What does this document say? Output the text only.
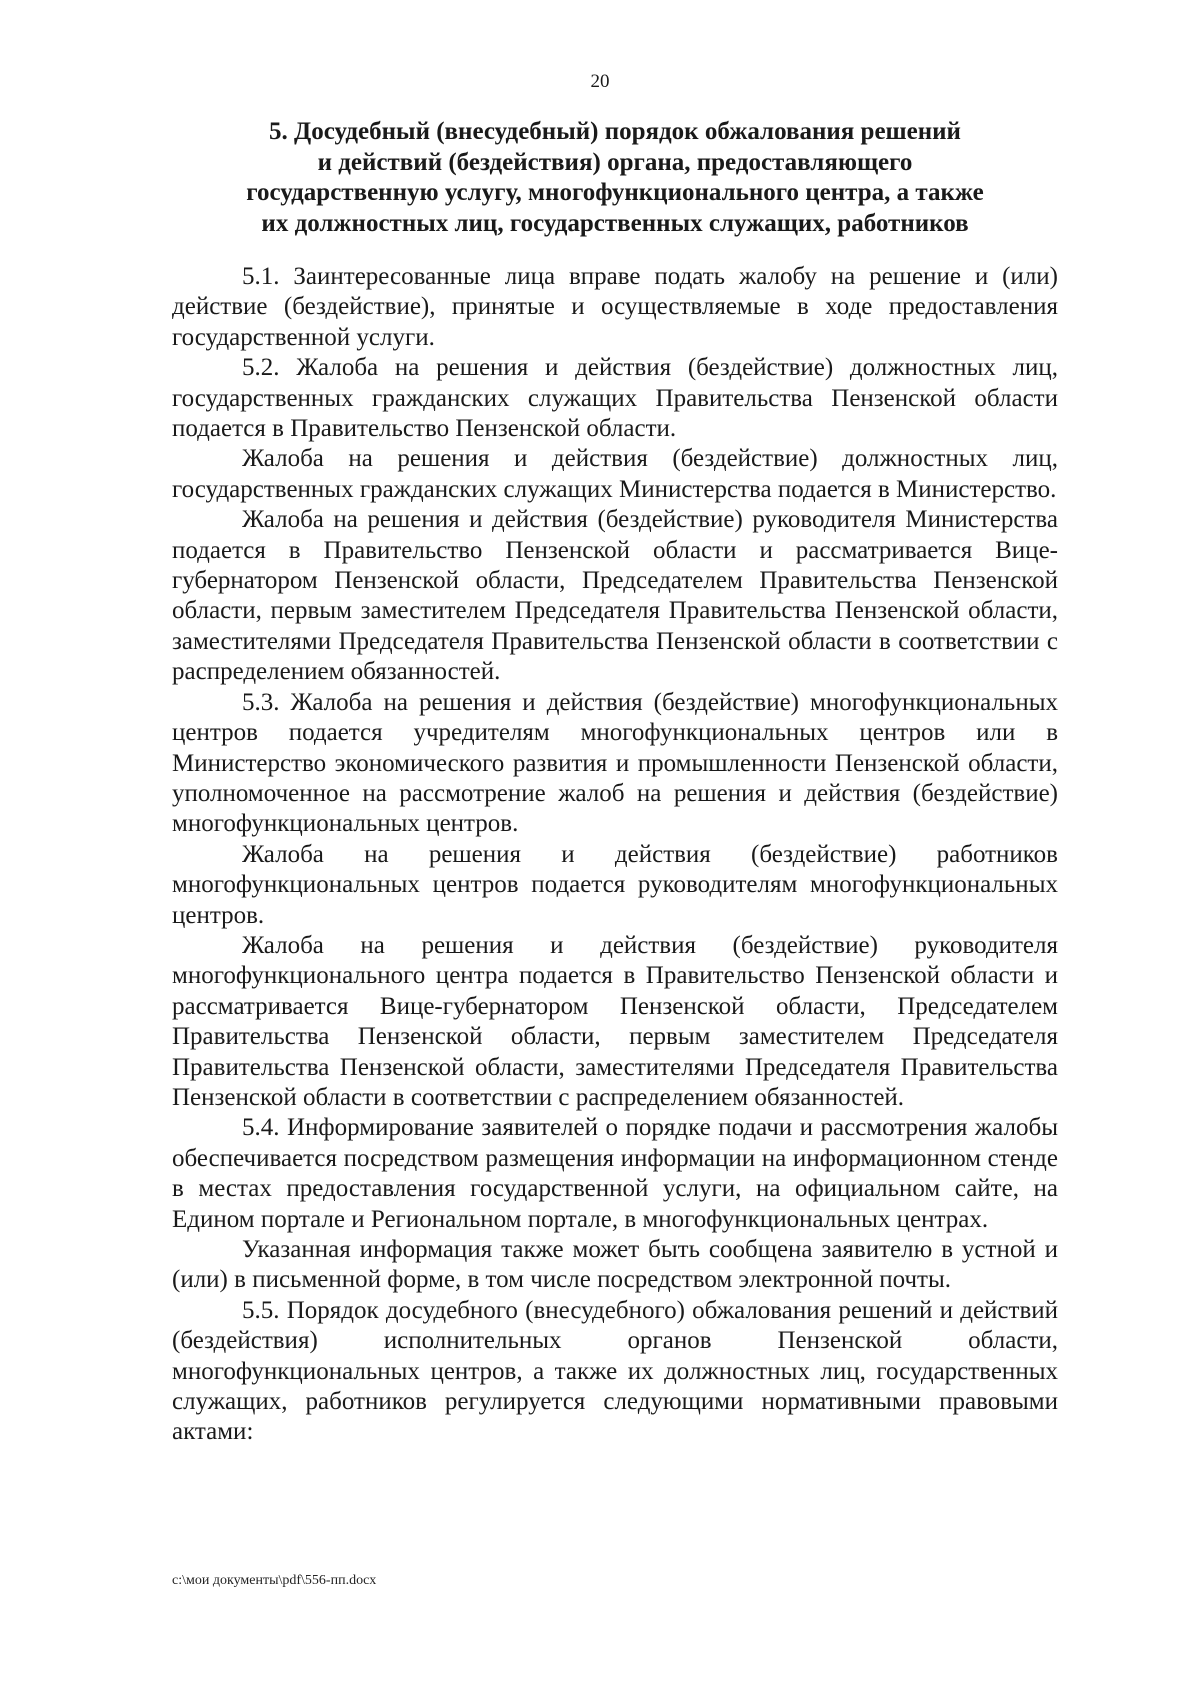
20
5. Досудебный (внесудебный) порядок обжалования решений
и действий (бездействия) органа, предоставляющего
государственную услугу, многофункционального центра, а также
их должностных лиц, государственных служащих, работников

5.1. Заинтересованные лица вправе подать жалобу на решение и (или) действие (бездействие), принятые и осуществляемые в ходе предоставления государственной услуги.

5.2. Жалоба на решения и действия (бездействие) должностных лиц, государственных гражданских служащих Правительства Пензенской области подается в Правительство Пензенской области.

Жалоба на решения и действия (бездействие) должностных лиц, государственных гражданских служащих Министерства подается в Министерство.

Жалоба на решения и действия (бездействие) руководителя Министерства подается в Правительство Пензенской области и рассматривается Вице-губернатором Пензенской области, Председателем Правительства Пензенской области, первым заместителем Председателя Правительства Пензенской области, заместителями Председателя Правительства Пензенской области в соответствии с распределением обязанностей.

5.3. Жалоба на решения и действия (бездействие) многофункциональных центров подается учредителям многофункциональных центров или в Министерство экономического развития и промышленности Пензенской области, уполномоченное на рассмотрение жалоб на решения и действия (бездействие) многофункциональных центров.

Жалоба на решения и действия (бездействие) работников многофункциональных центров подается руководителям многофункциональных центров.

Жалоба на решения и действия (бездействие) руководителя многофункционального центра подается в Правительство Пензенской области и рассматривается Вице-губернатором Пензенской области, Председателем Правительства Пензенской области, первым заместителем Председателя Правительства Пензенской области, заместителями Председателя Правительства Пензенской области в соответствии с распределением обязанностей.

5.4. Информирование заявителей о порядке подачи и рассмотрения жалобы обеспечивается посредством размещения информации на информационном стенде в местах предоставления государственной услуги, на официальном сайте, на Едином портале и Региональном портале, в многофункциональных центрах.

Указанная информация также может быть сообщена заявителю в устной и (или) в письменной форме, в том числе посредством электронной почты.

5.5. Порядок досудебного (внесудебного) обжалования решений и действий (бездействия) исполнительных органов Пензенской области, многофункциональных центров, а также их должностных лиц, государственных служащих, работников регулируется следующими нормативными правовыми актами:

c:\мои документы\pdf\556-пп.docx
